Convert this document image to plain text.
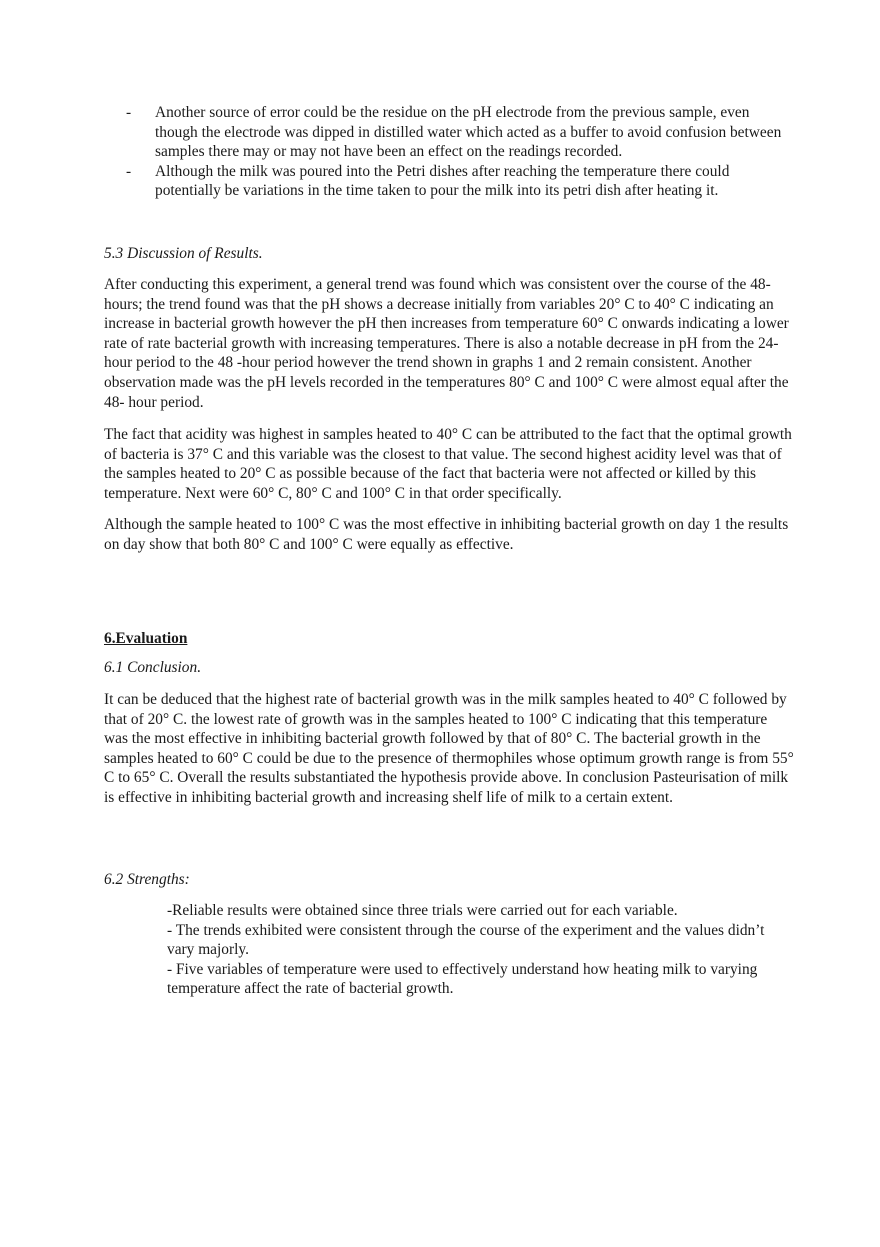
- Another source of error could be the residue on the pH electrode from the previous sample, even though the electrode was dipped in distilled water which acted as a buffer to avoid confusion between samples there may or may not have been an effect on the readings recorded.
- Although the milk was poured into the Petri dishes after reaching the temperature there could potentially be variations in the time taken to pour the milk into its petri dish after heating it.
5.3 Discussion of Results.

After conducting this experiment, a general trend was found which was consistent over the course of the 48-hours; the trend found was that the pH shows a decrease initially from variables 20° C to 40° C indicating an increase in bacterial growth however the pH then increases from temperature 60° C onwards indicating a lower rate of rate bacterial growth with increasing temperatures. There is also a notable decrease in pH from the 24- hour period to the 48 -hour period however the trend shown in graphs 1 and 2 remain consistent. Another observation made was the pH levels recorded in the temperatures 80° C and 100° C were almost equal after the 48- hour period.

The fact that acidity was highest in samples heated to 40° C can be attributed to the fact that the optimal growth of bacteria is 37° C and this variable was the closest to that value. The second highest acidity level was that of the samples heated to 20° C as possible because of the fact that bacteria were not affected or killed by this temperature. Next were 60° C, 80° C and 100° C in that order specifically.

Although the sample heated to 100° C was the most effective in inhibiting bacterial growth on day 1 the results on day show that both 80° C and 100° C were equally as effective.

6.Evaluation
6.1 Conclusion.

It can be deduced that the highest rate of bacterial growth was in the milk samples heated to 40° C followed by that of 20° C. the lowest rate of growth was in the samples heated to 100° C indicating that this temperature was the most effective in inhibiting bacterial growth followed by that of 80° C. The bacterial growth in the samples heated to 60° C could be due to the presence of thermophiles whose optimum growth range is from 55° C to 65° C. Overall the results substantiated the hypothesis provide above. In conclusion Pasteurisation of milk is effective in inhibiting bacterial growth and increasing shelf life of milk to a certain extent.

6.2 Strengths:
-Reliable results were obtained since three trials were carried out for each variable.
- The trends exhibited were consistent through the course of the experiment and the values didn’t vary majorly.
- Five variables of temperature were used to effectively understand how heating milk to varying temperature affect the rate of bacterial growth.
